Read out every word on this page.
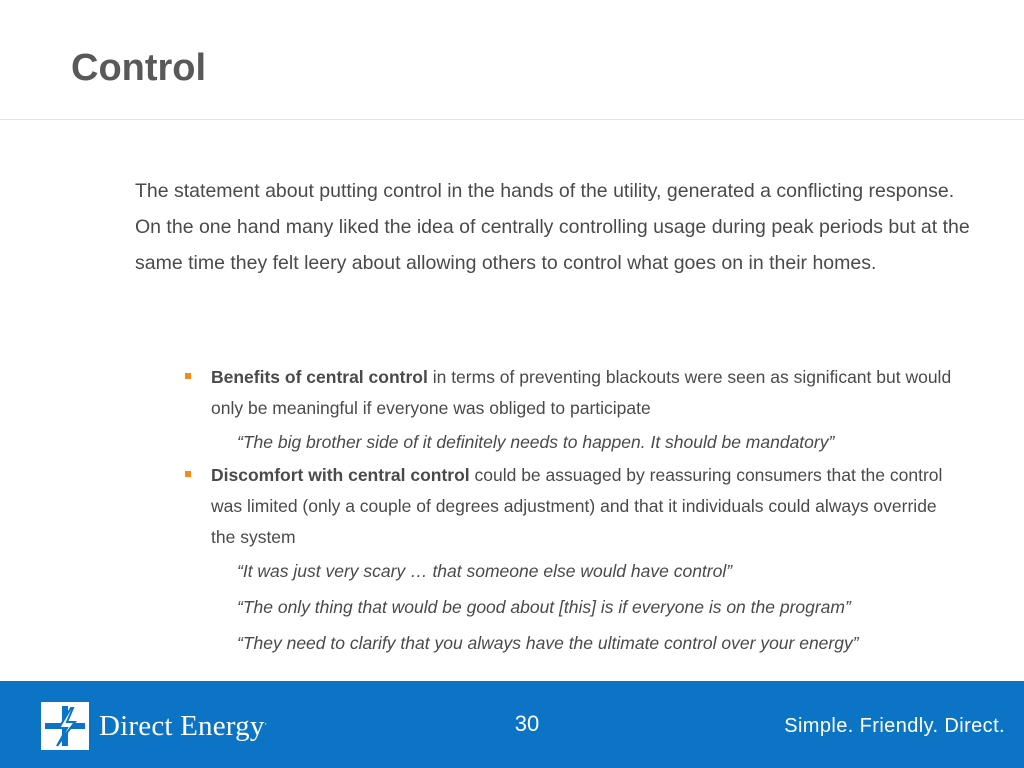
Control

The statement about putting control in the hands of the utility, generated a conflicting response. On the one hand many liked the idea of centrally controlling usage during peak periods but at the same time they felt leery about allowing others to control what goes on in their homes.

Benefits of central control in terms of preventing blackouts were seen as significant but would only be meaningful if everyone was obliged to participate
“The big brother side of it definitely needs to happen. It should be mandatory”
Discomfort with central control could be assuaged by reassuring consumers that the control was limited (only a couple of degrees adjustment) and that it individuals could always override the system
“It was just very scary … that someone else would have control”
“The only thing that would be good about [this] is if everyone is on the program”
“They need to clarify that you always have the ultimate control over your energy”
Direct Energy.	30	Simple. Friendly. Direct.
